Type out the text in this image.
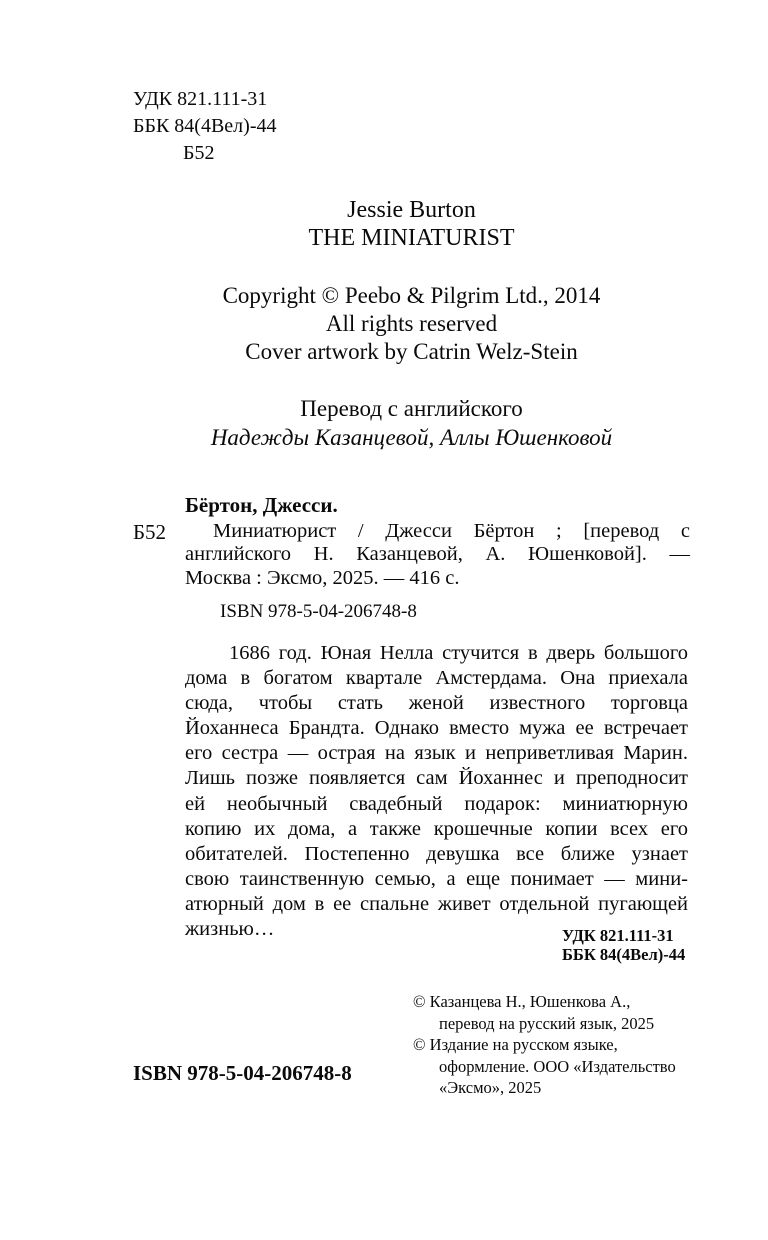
УДК 821.111-31
ББК 84(4Вел)-44
Б52
Jessie Burton
THE MINIATURIST
Copyright © Peebo & Pilgrim Ltd., 2014
All rights reserved
Cover artwork by Catrin Welz-Stein
Перевод с английского
Надежды Казанцевой, Аллы Юшенковой
Бёртон, Джесси.
Б52	Миниатюрист / Джесси Бёртон ; [перевод с
английского Н. Казанцевой, А. Юшенковой]. —
Москва : Эксмо, 2025. — 416 с.
ISBN 978-5-04-206748-8
1686 год. Юная Нелла стучится в дверь большого
дома в богатом квартале Амстердама. Она приехала
сюда, чтобы стать женой известного торговца
Йоханнеса Брандта. Однако вместо мужа ее встречает
его сестра — острая на язык и неприветливая Марин.
Лишь позже появляется сам Йоханнес и преподносит
ей необычный свадебный подарок: миниатюрную
копию их дома, а также крошечные копии всех его
обитателей. Постепенно девушка все ближе узнает
свою таинственную семью, а еще понимает — мини-
атюрный дом в ее спальне живет отдельной пугающей
жизнью…	УДК 821.111-31
ББК 84(4Вел)-44
© Казанцева Н., Юшенкова А.,
перевод на русский язык, 2025
© Издание на русском языке,
оформление. ООО «Издательство
«Эксмо», 2025
ISBN 978-5-04-206748-8
